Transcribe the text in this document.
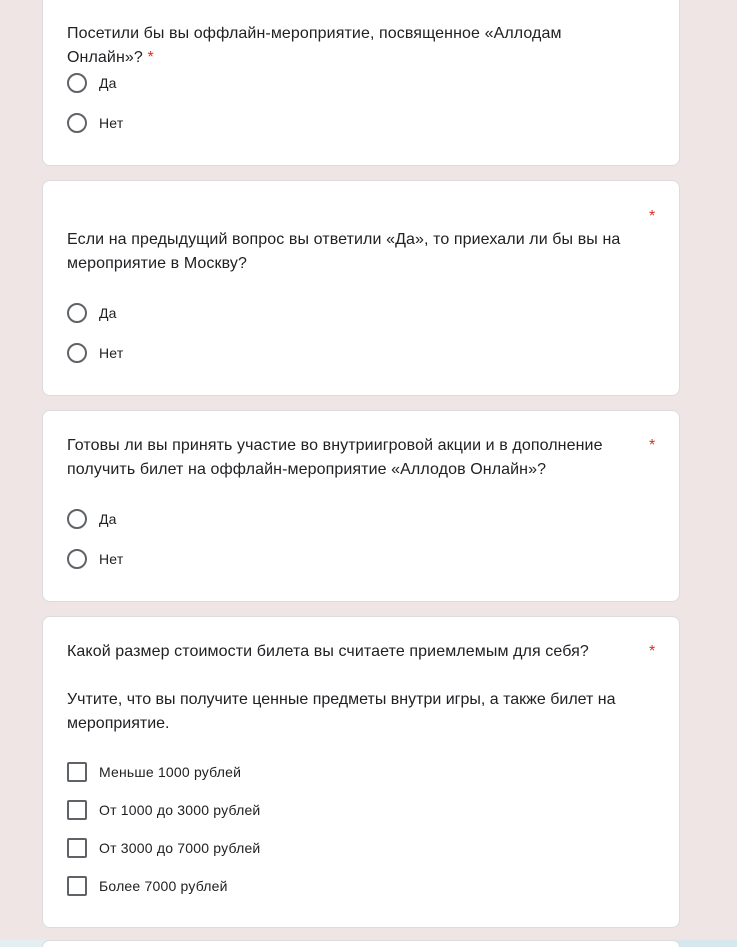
Посетили бы вы оффлайн-мероприятие, посвященное «Аллодам Онлайн»? *
Да
Нет
*
Если на предыдущий вопрос вы ответили «Да», то приехали ли бы вы на мероприятие в Москву?
Да
Нет
*
Готовы ли вы принять участие во внутриигровой акции и в дополнение получить билет на оффлайн-мероприятие «Аллодов Онлайн»?
Да
Нет
*
Какой размер стоимости билета вы считаете приемлемым для себя?
Учтите, что вы получите ценные предметы внутри игры, а также билет на мероприятие.
Меньше 1000 рублей
От 1000 до 3000 рублей
От 3000 до 7000 рублей
Более 7000 рублей
